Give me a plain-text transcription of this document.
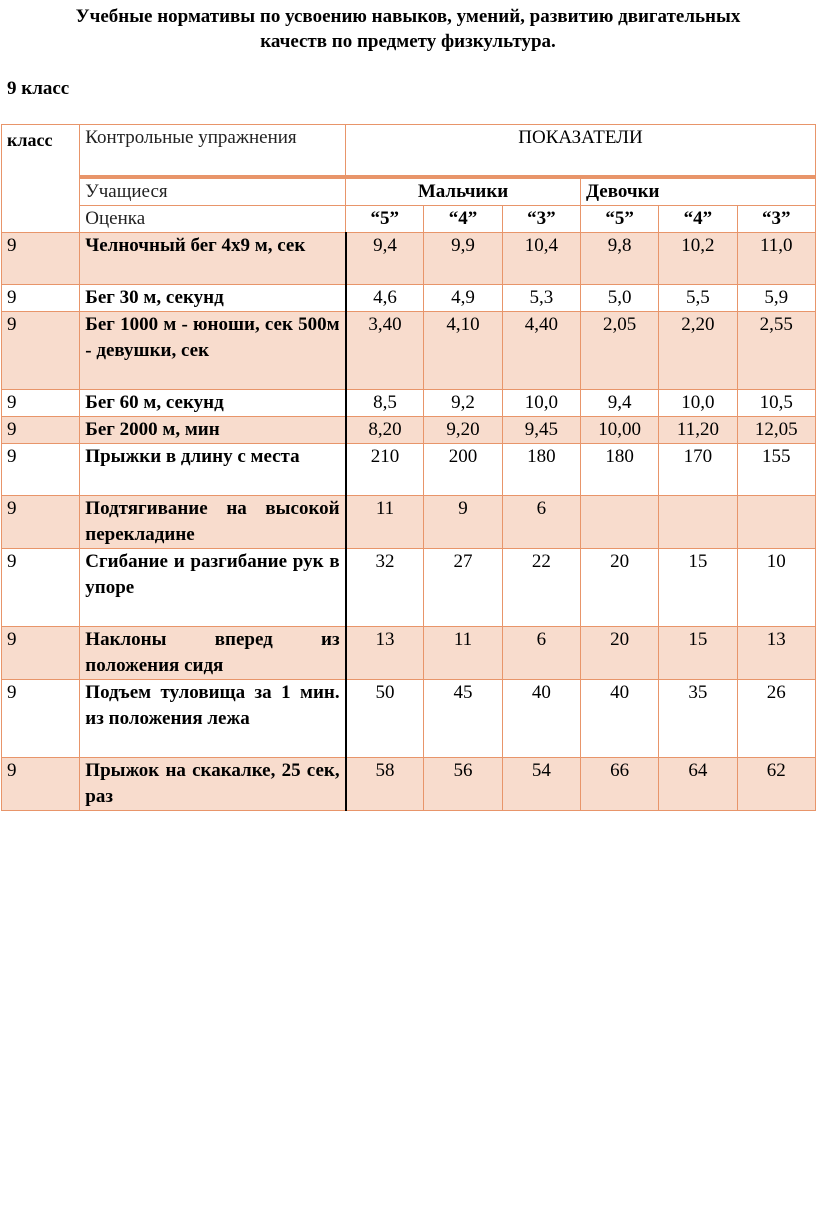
Учебные нормативы по усвоению навыков, умений, развитию двигательных
качеств по предмету физкультура.
9 класс
класс	Контрольные упражнения	ПОКАЗАТЕЛИ					
	Учащиеся	Мальчики			Девочки		
	Оценка	“5”	“4”	“3”	“5”	“4”	“3”
9	Челночный бег 4х9 м, сек	9,4	9,9	10,4	9,8	10,2	11,0
9	Бег 30 м, секунд	4,6	4,9	5,3	5,0	5,5	5,9
9	Бег 1000 м - юноши, сек 500м - девушки, сек	3,40	4,10	4,40	2,05	2,20	2,55
9	Бег 60 м, секунд	8,5	9,2	10,0	9,4	10,0	10,5
9	Бег 2000 м, мин	8,20	9,20	9,45	10,00	11,20	12,05
9	Прыжки в длину с места	210	200	180	180	170	155
9	Подтягивание на высокой перекладине	11	9	6			
9	Сгибание и разгибание рук в упоре	32	27	22	20	15	10
9	Наклоны вперед из положения сидя	13	11	6	20	15	13
9	Подъем туловища за 1 мин. из положения лежа	50	45	40	40	35	26
9	Прыжок на скакалке, 25 сек, раз	58	56	54	66	64	62
